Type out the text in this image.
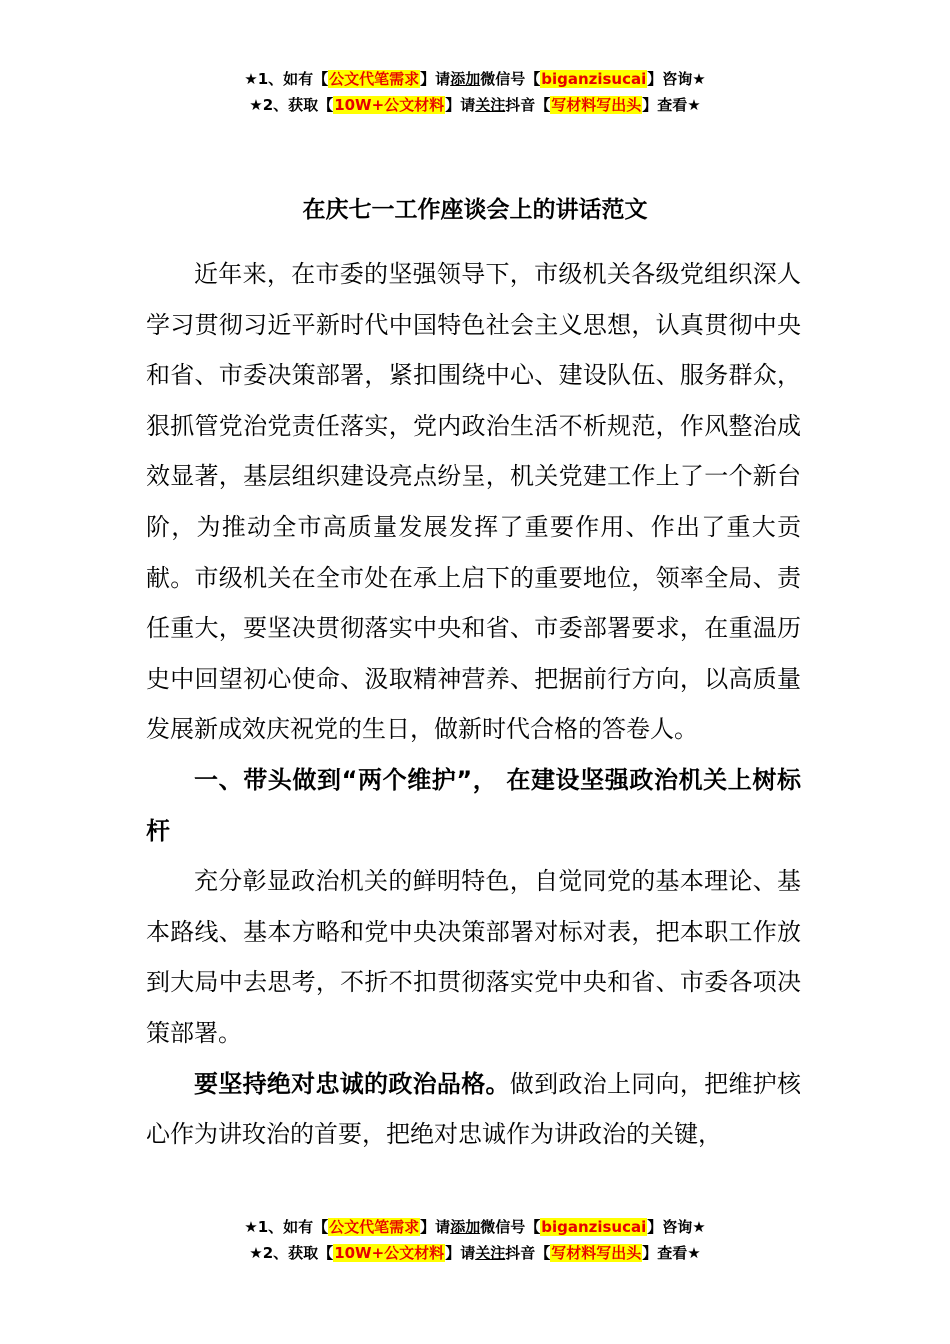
★1、如有【公文代笔需求】请添加微信号【biganzisucai】咨询★
★2、获取【10W+公文材料】请关注抖音【写材料写出头】查看★
在庆七一工作座谈会上的讲话范文

近年来，在市委的坚强领导下，市级机关各级党组织深人学习贯彻习近平新时代中国特色社会主义思想，认真贯彻中央和省、市委决策部署，紧扣围绕中心、建设队伍、服务群众，狠抓管党治党责任落实，党内政治生活不析规范，作风整治成效显著，基层组织建设亮点纷呈，机关党建工作上了一个新台阶，为推动全市高质量发展发挥了重要作用、作出了重大贡献。市级机关在全市处在承上启下的重要地位，领率全局、责任重大，要坚决贯彻落实中央和省、市委部署要求，在重温历史中回望初心使命、汲取精神营养、把据前行方向，以高质量发展新成效庆祝党的生日，做新时代合格的答卷人。

一、带头做到“两个维护”， 在建设坚强政治机关上树标杆

充分彰显政治机关的鲜明特色，自觉同党的基本理论、基本路线、基本方略和党中央决策部署对标对表，把本职工作放到大局中去思考，不折不扣贯彻落实党中央和省、市委各项决策部署。

要坚持绝对忠诚的政治品格。做到政治上同向，把维护核心作为讲玫治的首要，把绝对忠诚作为讲政治的关键，

★1、如有【公文代笔需求】请添加微信号【biganzisucai】咨询★
★2、获取【10W+公文材料】请关注抖音【写材料写出头】查看★
